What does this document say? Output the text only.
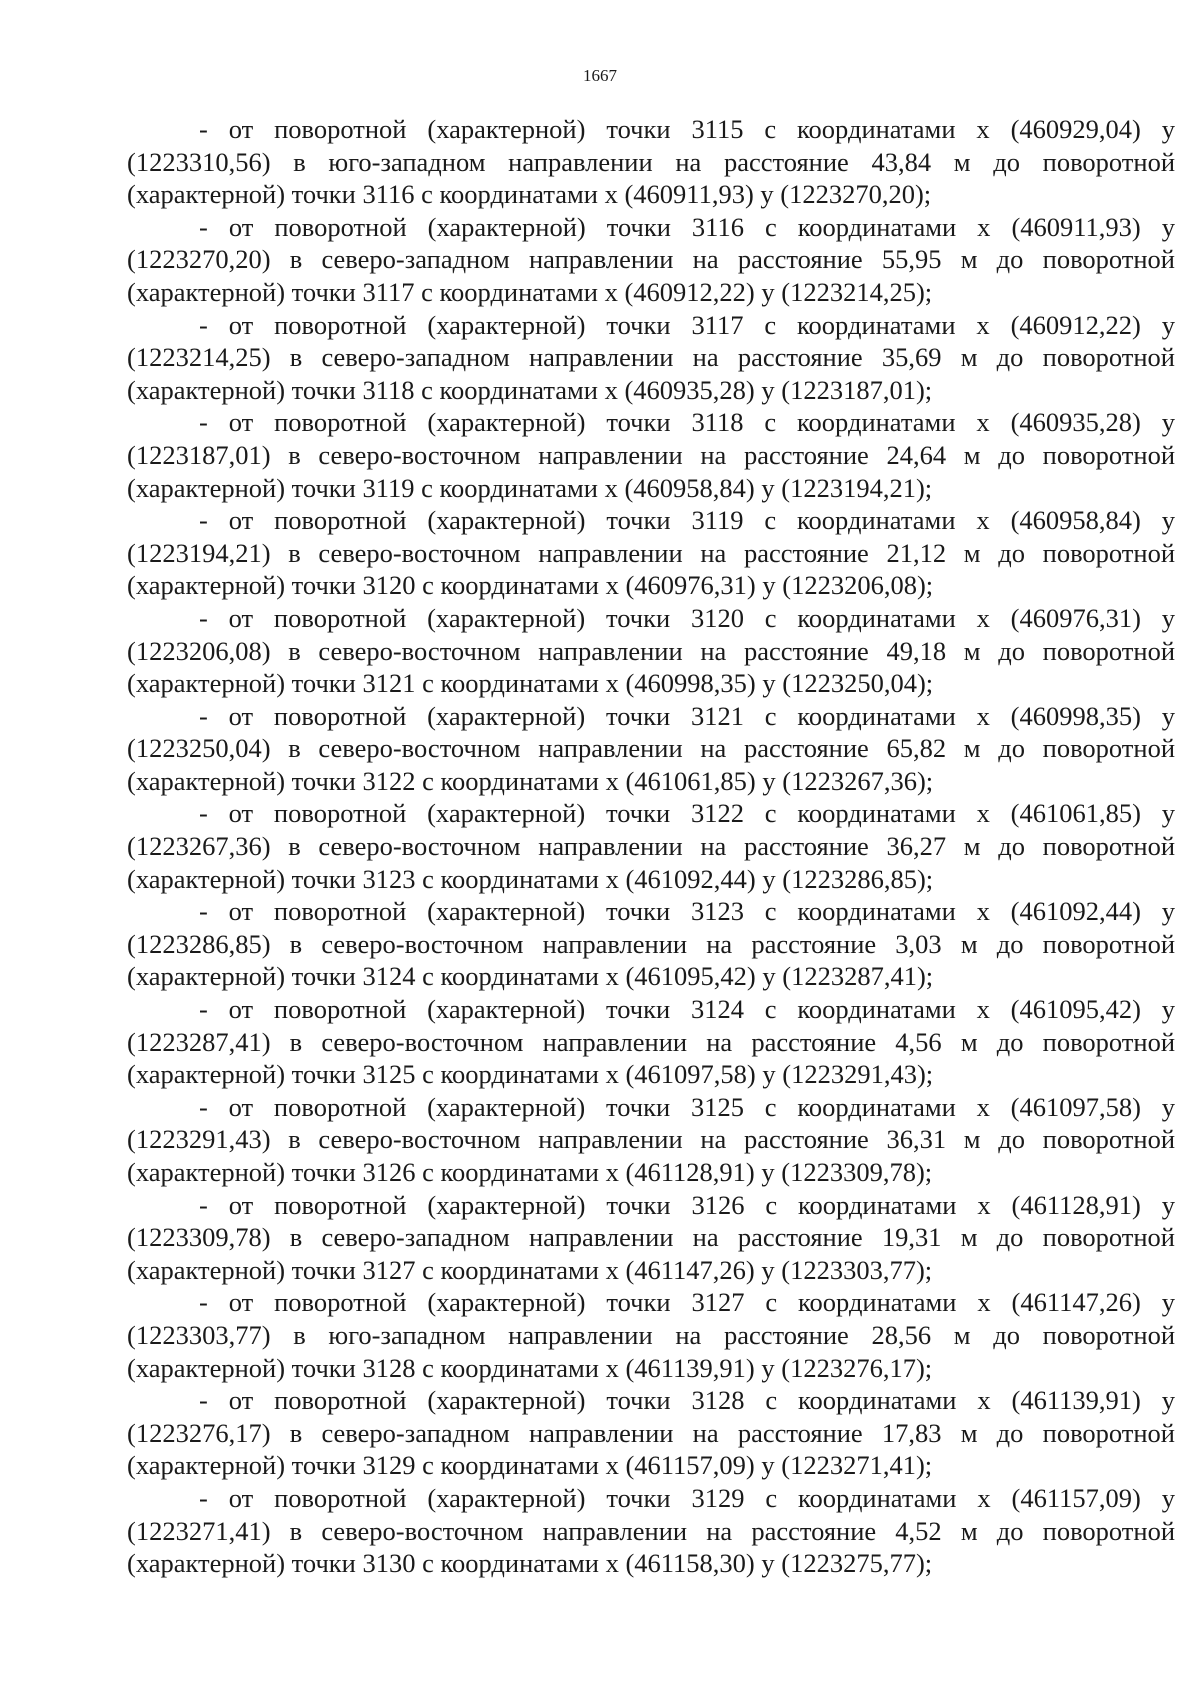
1667

- от поворотной (характерной) точки 3115 с координатами x (460929,04) y (1223310,56) в юго-западном направлении на расстояние 43,84 м до поворотной (характерной) точки 3116 с координатами x (460911,93) y (1223270,20);

- от поворотной (характерной) точки 3116 с координатами x (460911,93) y (1223270,20) в северо-западном направлении на расстояние 55,95 м до поворотной (характерной) точки 3117 с координатами x (460912,22) y (1223214,25);

- от поворотной (характерной) точки 3117 с координатами x (460912,22) y (1223214,25) в северо-западном направлении на расстояние 35,69 м до поворотной (характерной) точки 3118 с координатами x (460935,28) y (1223187,01);

- от поворотной (характерной) точки 3118 с координатами x (460935,28) y (1223187,01) в северо-восточном направлении на расстояние 24,64 м до поворотной (характерной) точки 3119 с координатами x (460958,84) y (1223194,21);

- от поворотной (характерной) точки 3119 с координатами x (460958,84) y (1223194,21) в северо-восточном направлении на расстояние 21,12 м до поворотной (характерной) точки 3120 с координатами x (460976,31) y (1223206,08);

- от поворотной (характерной) точки 3120 с координатами x (460976,31) y (1223206,08) в северо-восточном направлении на расстояние 49,18 м до поворотной (характерной) точки 3121 с координатами x (460998,35) y (1223250,04);

- от поворотной (характерной) точки 3121 с координатами x (460998,35) y (1223250,04) в северо-восточном направлении на расстояние 65,82 м до поворотной (характерной) точки 3122 с координатами x (461061,85) y (1223267,36);

- от поворотной (характерной) точки 3122 с координатами x (461061,85) y (1223267,36) в северо-восточном направлении на расстояние 36,27 м до поворотной (характерной) точки 3123 с координатами x (461092,44) y (1223286,85);

- от поворотной (характерной) точки 3123 с координатами x (461092,44) y (1223286,85) в северо-восточном направлении на расстояние 3,03 м до поворотной (характерной) точки 3124 с координатами x (461095,42) y (1223287,41);

- от поворотной (характерной) точки 3124 с координатами x (461095,42) y (1223287,41) в северо-восточном направлении на расстояние 4,56 м до поворотной (характерной) точки 3125 с координатами x (461097,58) y (1223291,43);

- от поворотной (характерной) точки 3125 с координатами x (461097,58) y (1223291,43) в северо-восточном направлении на расстояние 36,31 м до поворотной (характерной) точки 3126 с координатами x (461128,91) y (1223309,78);

- от поворотной (характерной) точки 3126 с координатами x (461128,91) y (1223309,78) в северо-западном направлении на расстояние 19,31 м до поворотной (характерной) точки 3127 с координатами x (461147,26) y (1223303,77);

- от поворотной (характерной) точки 3127 с координатами x (461147,26) y (1223303,77) в юго-западном направлении на расстояние 28,56 м до поворотной (характерной) точки 3128 с координатами x (461139,91) y (1223276,17);

- от поворотной (характерной) точки 3128 с координатами x (461139,91) y (1223276,17) в северо-западном направлении на расстояние 17,83 м до поворотной (характерной) точки 3129 с координатами x (461157,09) y (1223271,41);

- от поворотной (характерной) точки 3129 с координатами x (461157,09) y (1223271,41) в северо-восточном направлении на расстояние 4,52 м до поворотной (характерной) точки 3130 с координатами x (461158,30) y (1223275,77);
